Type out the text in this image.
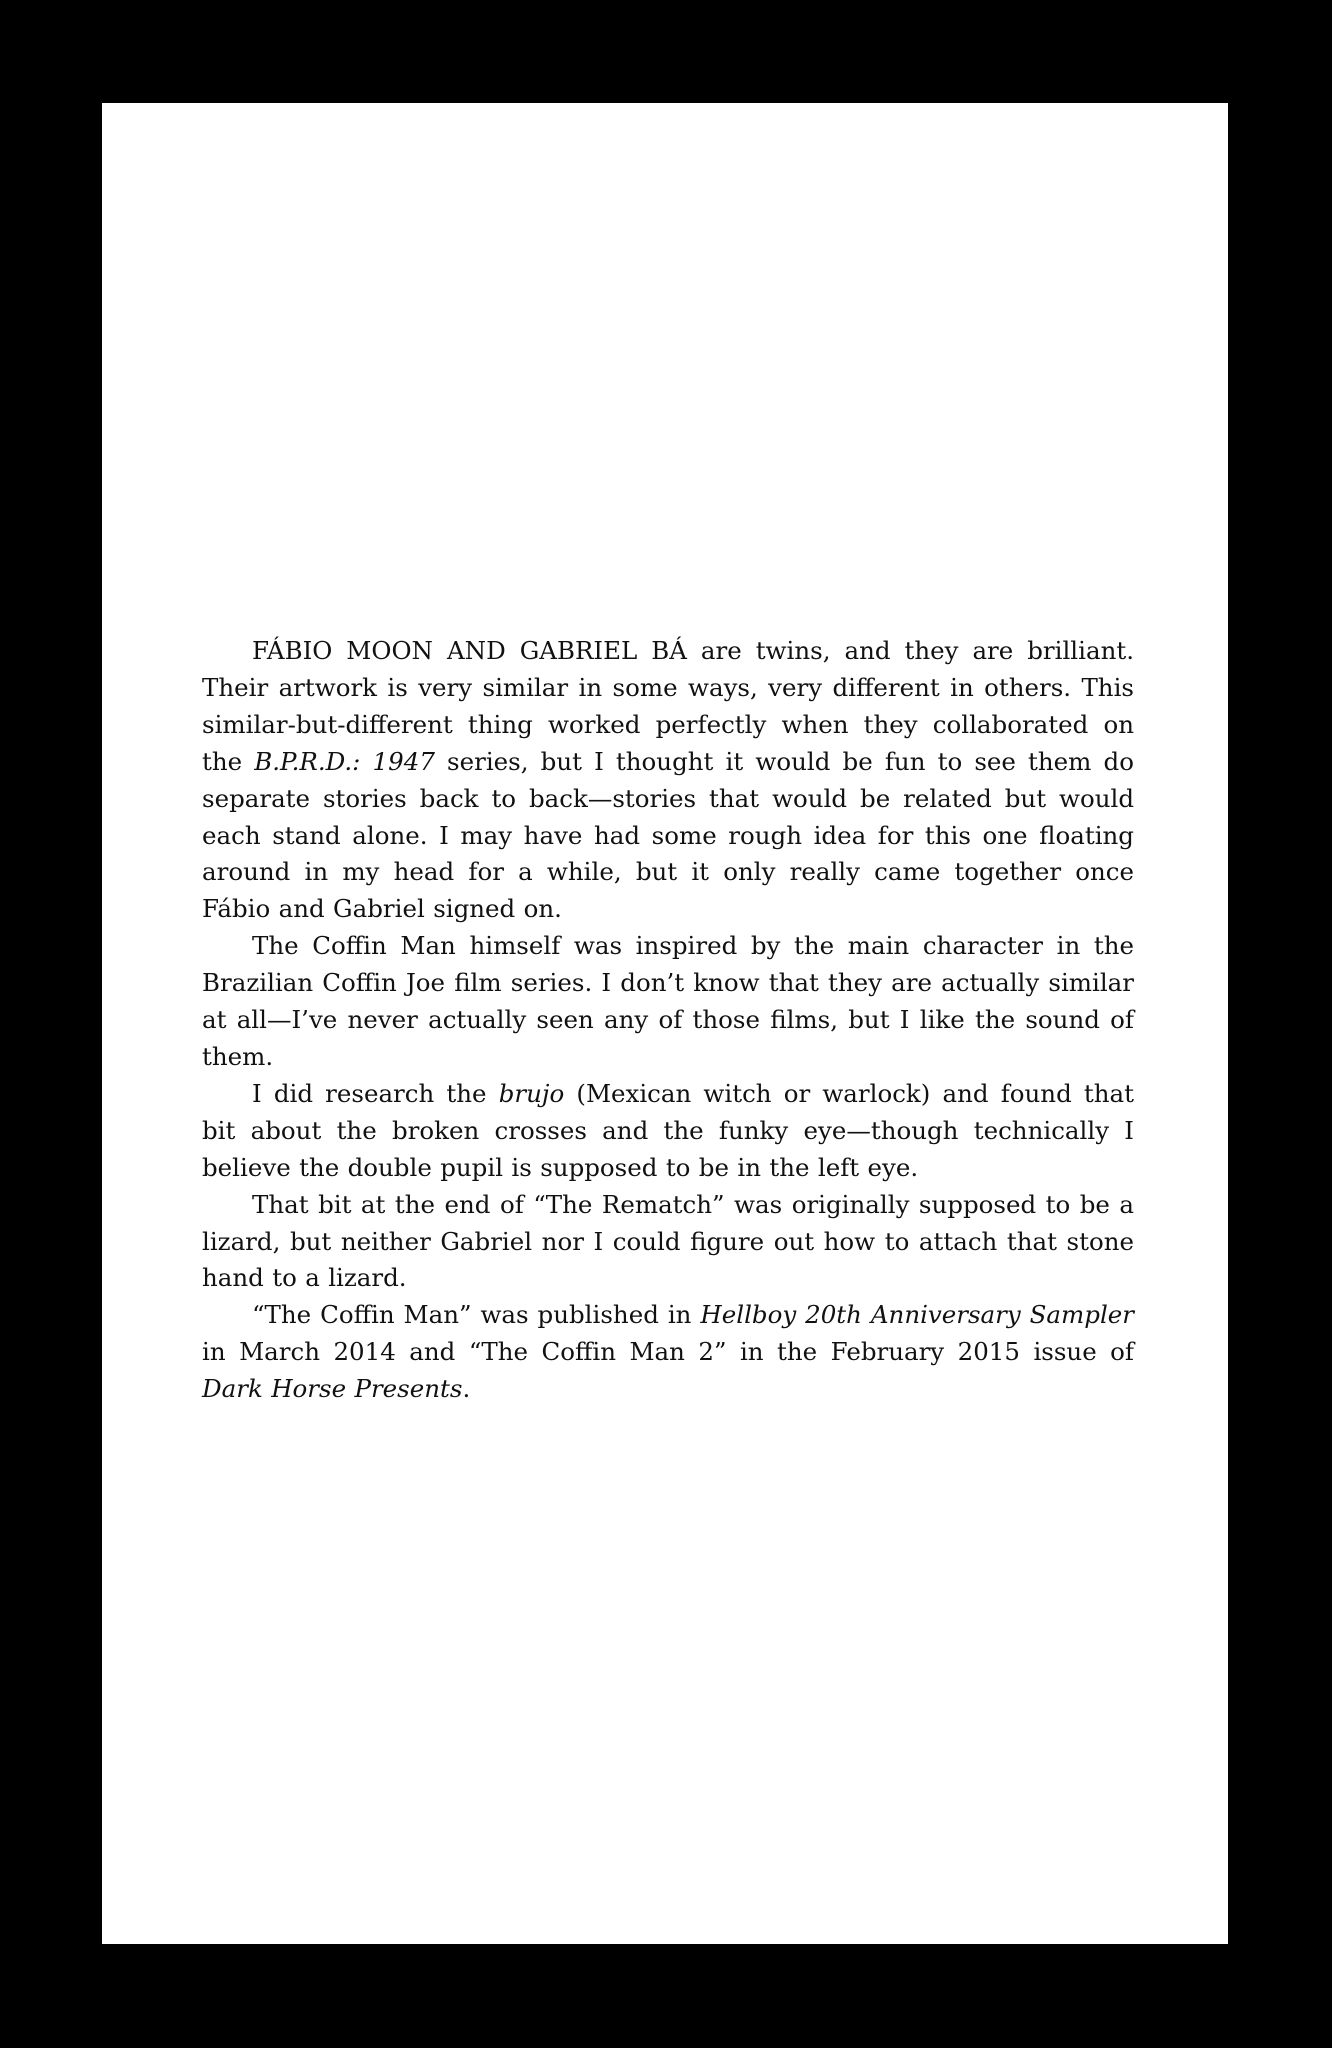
FÁBIO MOON AND GABRIEL BÁ are twins, and they are brilliant. Their artwork is very similar in some ways, very different in others. This similar-but-different thing worked perfectly when they collaborated on the B.P.R.D.: 1947 series, but I thought it would be fun to see them do separate stories back to back—stories that would be related but would each stand alone. I may have had some rough idea for this one floating around in my head for a while, but it only really came together once Fábio and Gabriel signed on.

The Coffin Man himself was inspired by the main character in the Brazilian Coffin Joe film series. I don’t know that they are actually similar at all—I’ve never actually seen any of those films, but I like the sound of them.

I did research the brujo (Mexican witch or warlock) and found that bit about the broken crosses and the funky eye—though technically I believe the double pupil is supposed to be in the left eye.

That bit at the end of “The Rematch” was originally supposed to be a lizard, but neither Gabriel nor I could figure out how to attach that stone hand to a lizard.

“The Coffin Man” was published in Hellboy 20th Anniversary Sampler in March 2014 and “The Coffin Man 2” in the February 2015 issue of Dark Horse Presents.
